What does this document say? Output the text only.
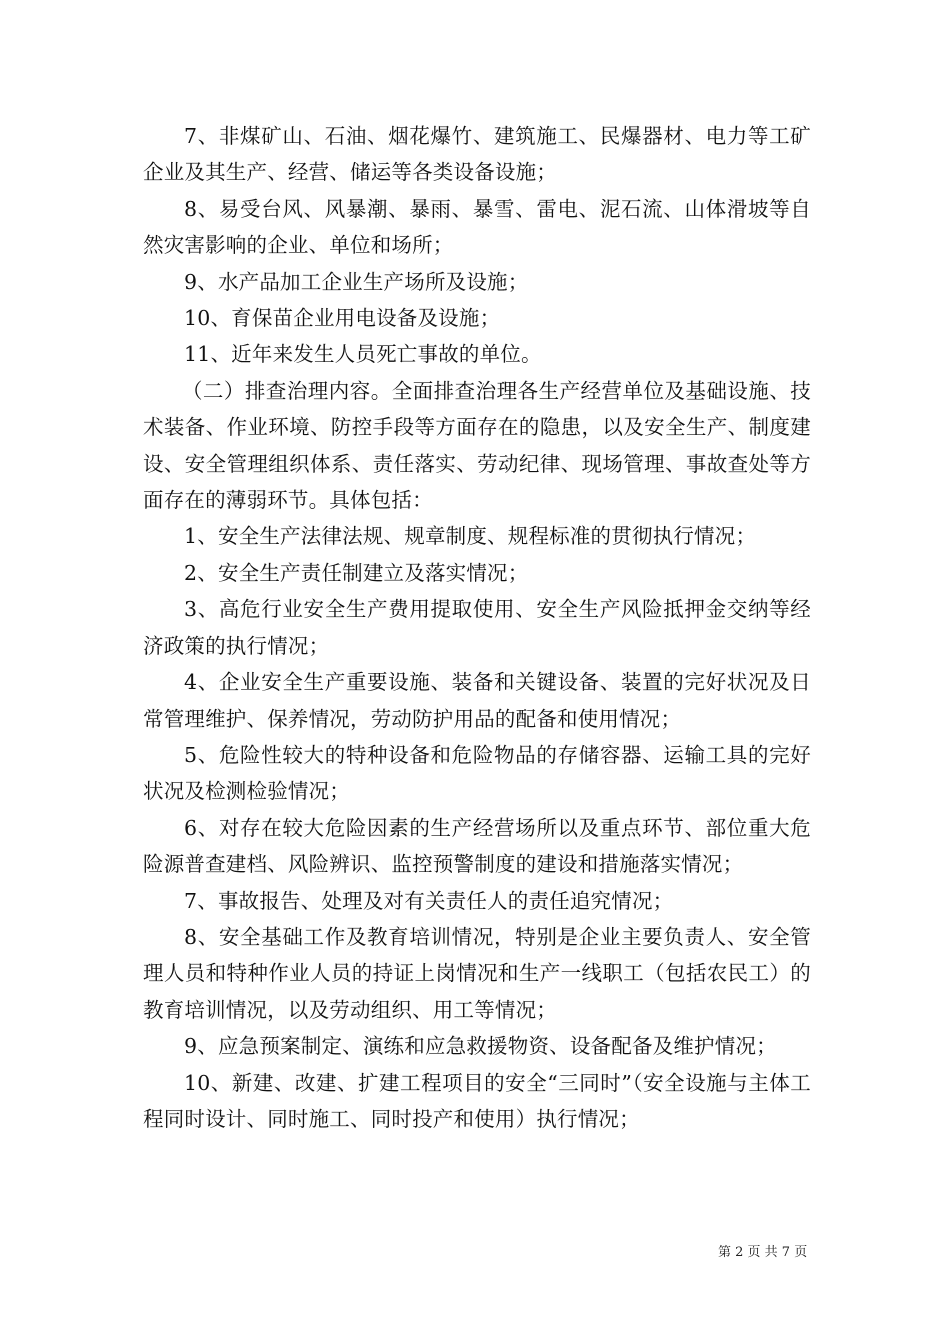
7、非煤矿山、石油、烟花爆竹、建筑施工、民爆器材、电力等工矿企业及其生产、经营、储运等各类设备设施；

8、易受台风、风暴潮、暴雨、暴雪、雷电、泥石流、山体滑坡等自然灾害影响的企业、单位和场所；

9、水产品加工企业生产场所及设施；

10、育保苗企业用电设备及设施；

11、近年来发生人员死亡事故的单位。

（二）排查治理内容。全面排查治理各生产经营单位及基础设施、技术装备、作业环境、防控手段等方面存在的隐患，以及安全生产、制度建设、安全管理组织体系、责任落实、劳动纪律、现场管理、事故查处等方面存在的薄弱环节。具体包括：

1、安全生产法律法规、规章制度、规程标准的贯彻执行情况；

2、安全生产责任制建立及落实情况；

3、高危行业安全生产费用提取使用、安全生产风险抵押金交纳等经济政策的执行情况；

4、企业安全生产重要设施、装备和关键设备、装置的完好状况及日常管理维护、保养情况，劳动防护用品的配备和使用情况；

5、危险性较大的特种设备和危险物品的存储容器、运输工具的完好状况及检测检验情况；

6、对存在较大危险因素的生产经营场所以及重点环节、部位重大危险源普查建档、风险辨识、监控预警制度的建设和措施落实情况；

7、事故报告、处理及对有关责任人的责任追究情况；

8、安全基础工作及教育培训情况，特别是企业主要负责人、安全管理人员和特种作业人员的持证上岗情况和生产一线职工（包括农民工）的教育培训情况，以及劳动组织、用工等情况；

9、应急预案制定、演练和应急救援物资、设备配备及维护情况；

10、新建、改建、扩建工程项目的安全“三同时”（安全设施与主体工程同时设计、同时施工、同时投产和使用）执行情况；

第 2 页 共 7 页
